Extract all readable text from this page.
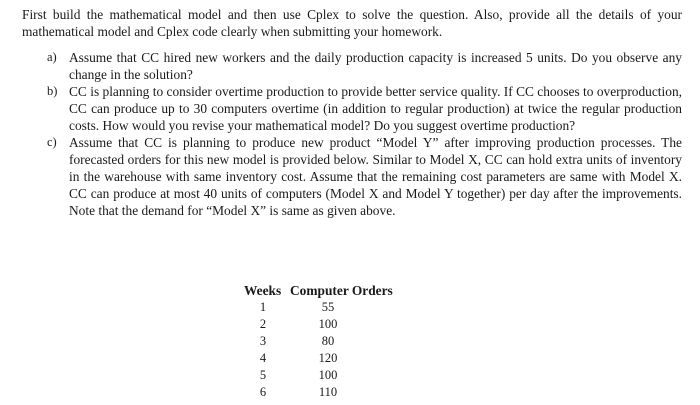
First build the mathematical model and then use Cplex to solve the question. Also, provide all the details of your mathematical model and Cplex code clearly when submitting your homework.

a) Assume that CC hired new workers and the daily production capacity is increased 5 units. Do you observe any change in the solution?
b) CC is planning to consider overtime production to provide better service quality. If CC chooses to overproduction, CC can produce up to 30 computers overtime (in addition to regular production) at twice the regular production costs. How would you revise your mathematical model? Do you suggest overtime production?
c) Assume that CC is planning to produce new product “Model Y” after improving production processes. The forecasted orders for this new model is provided below. Similar to Model X, CC can hold extra units of inventory in the warehouse with same inventory cost. Assume that the remaining cost parameters are same with Model X. CC can produce at most 40 units of computers (Model X and Model Y together) per day after the improvements. Note that the demand for “Model X” is same as given above.
Weeks	Computer Orders
1	55
2	100
3	80
4	120
5	100
6	110
